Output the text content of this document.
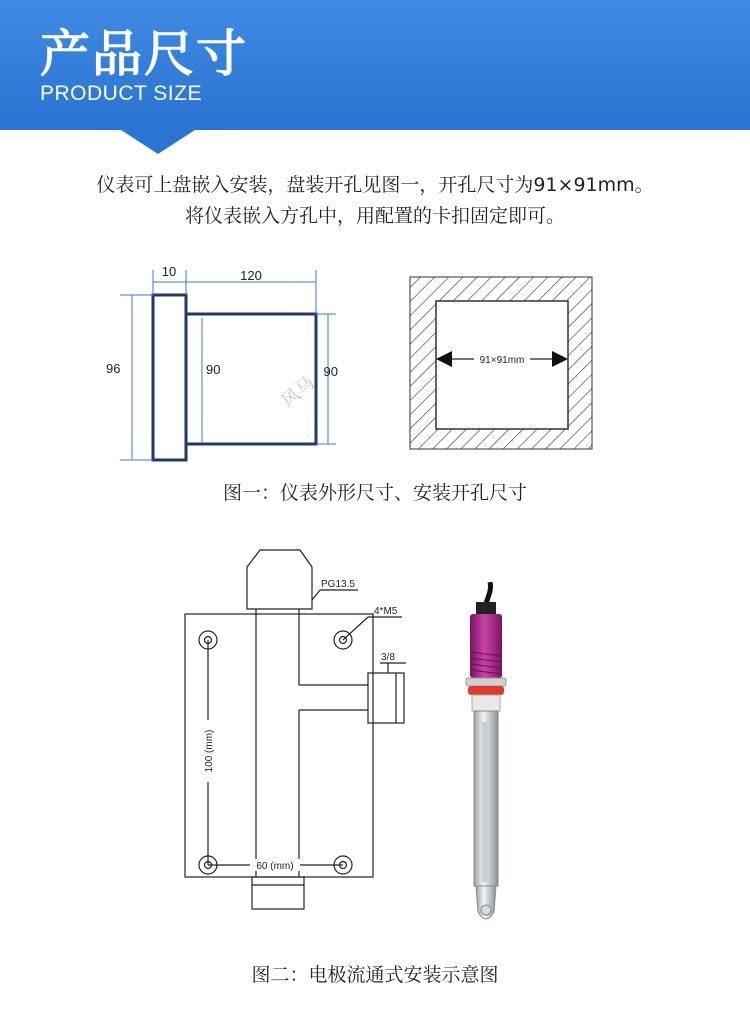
产品尺寸
PRODUCT SIZE
仪表可上盘嵌入安装，盘装开孔见图一，开孔尺寸为91×91mm。
将仪表嵌入方孔中，用配置的卡扣固定即可。
10	120
96	90	90
风马
91×91mm
图一：仪表外形尺寸、安装开孔尺寸
PG13.5
4*M5
3/8
100 (mm)
60 (mm)
图二：电极流通式安装示意图
